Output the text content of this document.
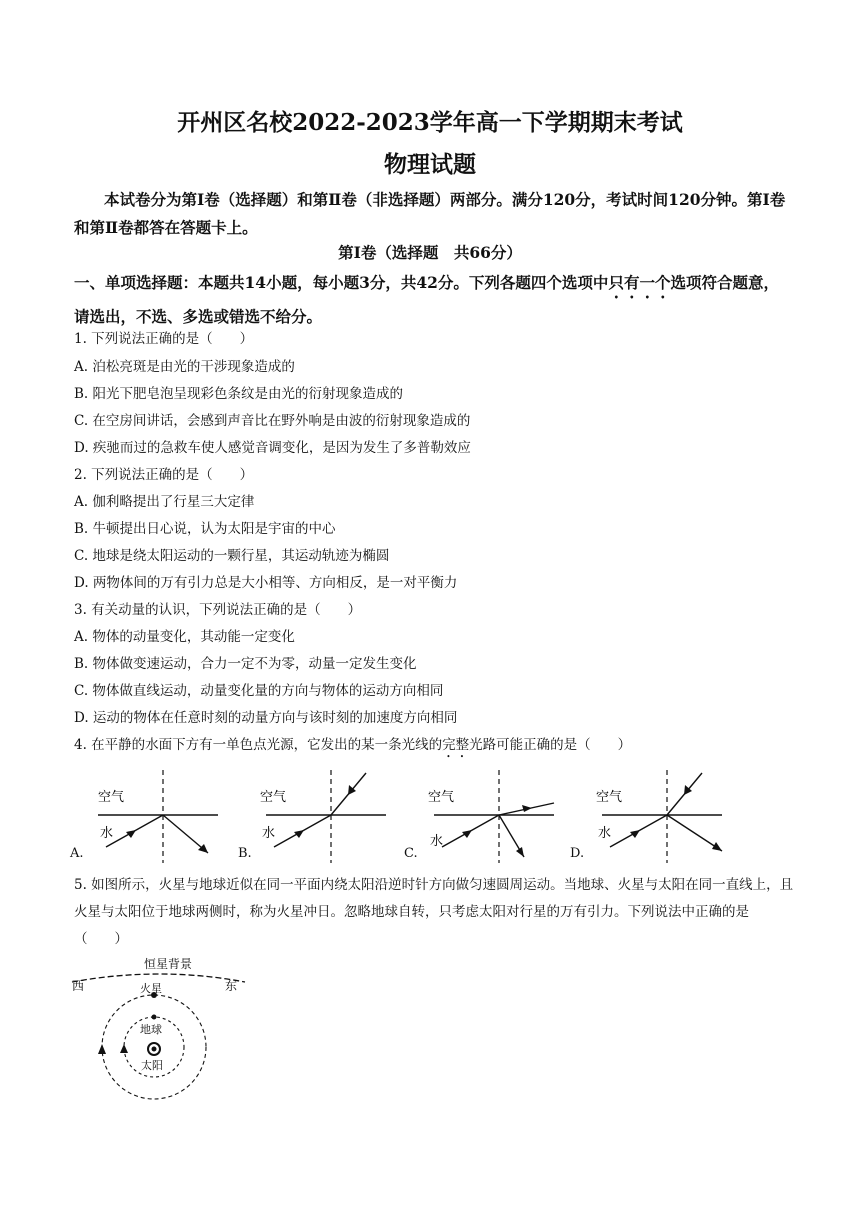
开州区名校2022-2023学年高一下学期期末考试
物理试题
本试卷分为第Ⅰ卷（选择题）和第Ⅱ卷（非选择题）两部分。满分120分，考试时间120分钟。第Ⅰ卷和第Ⅱ卷都答在答题卡上。
第Ⅰ卷（选择题　共66分）
一、单项选择题：本题共14小题，每小题3分，共42分。下列各题四个选项中只有一个选项符合题意，请选出，不选、多选或错选不给分。
1. 下列说法正确的是（　　）
A. 泊松亮斑是由光的干涉现象造成的
B. 阳光下肥皂泡呈现彩色条纹是由光的衍射现象造成的
C. 在空房间讲话，会感到声音比在野外响是由波的衍射现象造成的
D. 疾驰而过的急救车使人感觉音调变化，是因为发生了多普勒效应
2. 下列说法正确的是（　　）
A. 伽利略提出了行星三大定律
B. 牛顿提出日心说，认为太阳是宇宙的中心
C. 地球是绕太阳运动的一颗行星，其运动轨迹为椭圆
D. 两物体间的万有引力总是大小相等、方向相反，是一对平衡力
3. 有关动量的认识，下列说法正确的是（　　）
A. 物体的动量变化，其动能一定变化
B. 物体做变速运动，合力一定不为零，动量一定发生变化
C. 物体做直线运动，动量变化量的方向与物体的运动方向相同
D. 运动的物体在任意时刻的动量方向与该时刻的加速度方向相同
4. 在平静的水面下方有一单色点光源，它发出的某一条光线的完整光路可能正确的是（　　）
空气
水
A.
空气
水
B.
空气
水
C.
空气
水
D.
5. 如图所示，火星与地球近似在同一平面内绕太阳沿逆时针方向做匀速圆周运动。当地球、火星与太阳在同一直线上，且火星与太阳位于地球两侧时，称为火星冲日。忽略地球自转，只考虑太阳对行星的万有引力。下列说法中正确的是（　　）
恒星背景
西	东
火星
地球
太阳
